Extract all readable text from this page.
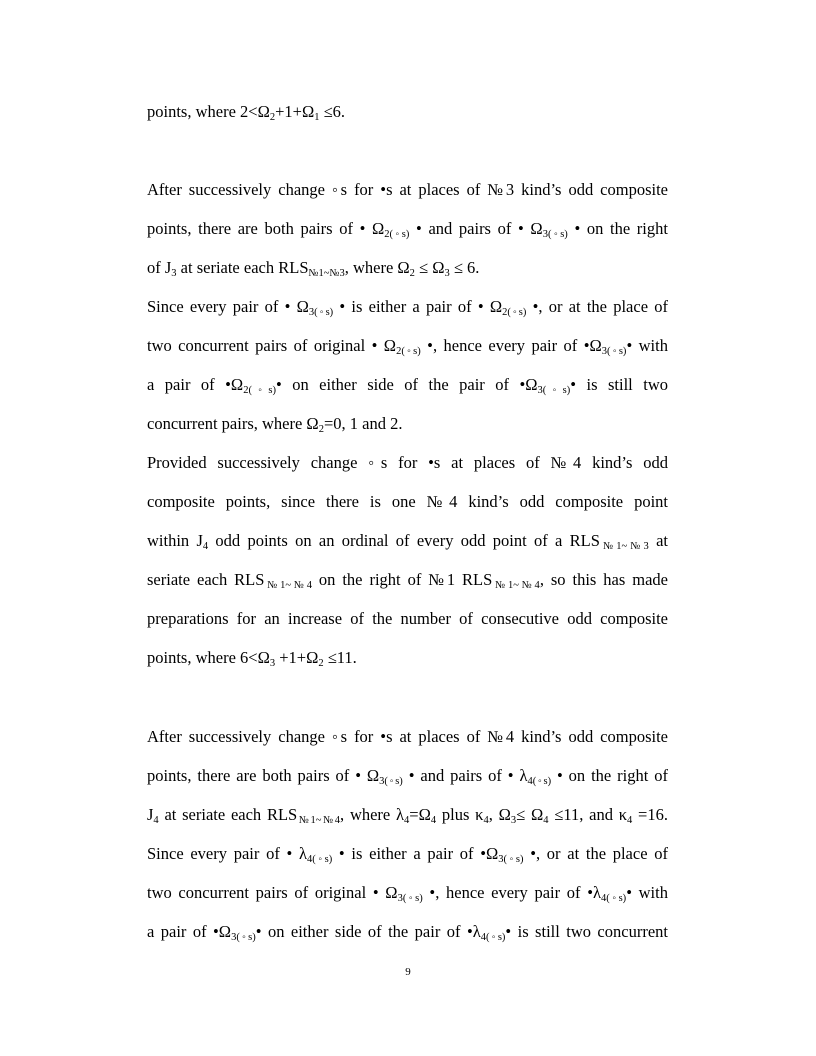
points, where $2<\Omega_2+1+\Omega_1 \le 6$.
After successively change ◦s for •s at places of №3 kind’s odd composite
points, there are both pairs of • $\Omega_{2(◦s)}$ • and pairs of • $\Omega_{3(◦s)}$ • on the right
of $J_3$ at seriate each $RLS_{№1\sim№3}$, where $\Omega_2 \le \Omega_3 \le 6$.
Since every pair of • $\Omega_{3(◦s)}$ • is either a pair of • $\Omega_{2(◦s)}$ •, or at the place of
two concurrent pairs of original • $\Omega_{2(◦s)}$ •, hence every pair of $•\Omega_{3(◦s)}•$ with
a pair of $•\Omega_{2(◦s)}•$ on either side of the pair of $•\Omega_{3(◦s)}•$ is still two
concurrent pairs, where $\Omega_2=0$, 1 and 2.
Provided successively change ◦s for •s at places of №4 kind’s odd
composite points, since there is one №4 kind’s odd composite point
within $J_4$ odd points on an ordinal of every odd point of a $RLS_{№1\sim№3}$ at
seriate each $RLS_{№1\sim№4}$ on the right of №1 $RLS_{№1\sim№4}$, so this has made
preparations for an increase of the number of consecutive odd composite
points, where $6<\Omega_3 +1+\Omega_2 \le 11$.
After successively change ◦s for •s at places of №4 kind’s odd composite
points, there are both pairs of • $\Omega_{3(◦s)}$ • and pairs of • $\lambda_{4(◦s)}$ • on the right of
$J_4$ at seriate each $RLS_{№1\sim№4}$, where $\lambda_4=\Omega_4$ plus $\kappa_4$, $\Omega_3\le \Omega_4 \le 11$, and $\kappa_4 =16$.
Since every pair of • $\lambda_{4(◦s)}$ • is either a pair of $•\Omega_{3(◦s)}$ •, or at the place of
two concurrent pairs of original • $\Omega_{3(◦s)}$ •, hence every pair of $•\lambda_{4(◦s)}•$ with
a pair of $•\Omega_{3(◦s)}•$ on either side of the pair of $•\lambda_{4(◦s)}•$ is still two concurrent
9
